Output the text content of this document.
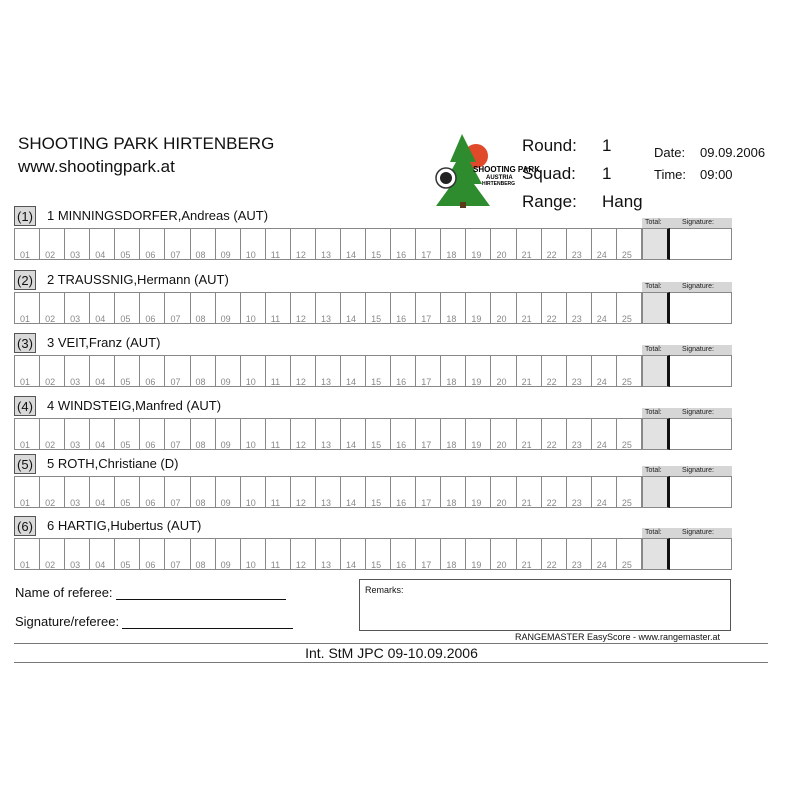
SHOOTING PARK HIRTENBERG
www.shootingpark.at	SHOOTING PARK
AUSTRIA
HIRTENBERG
Round: 1
Squad: 1
Range: Hang
Date: 09.09.2006
Time: 09:00
(1) 1 MINNINGSDORFER,Andreas (AUT)
01 02 03 04 05 06 07 08 09 10 11 12 13 14 15 16 17 18 19 20 21 22 23 24 25
Total:	Signature:
(2) 2 TRAUSSNIG,Hermann (AUT)
01 02 03 04 05 06 07 08 09 10 11 12 13 14 15 16 17 18 19 20 21 22 23 24 25
Total:	Signature:
(3) 3 VEIT,Franz (AUT)
01 02 03 04 05 06 07 08 09 10 11 12 13 14 15 16 17 18 19 20 21 22 23 24 25
Total:	Signature:
(4) 4 WINDSTEIG,Manfred (AUT)
01 02 03 04 05 06 07 08 09 10 11 12 13 14 15 16 17 18 19 20 21 22 23 24 25
Total:	Signature:
(5) 5 ROTH,Christiane (D)
01 02 03 04 05 06 07 08 09 10 11 12 13 14 15 16 17 18 19 20 21 22 23 24 25
Total:	Signature:
(6) 6 HARTIG,Hubertus (AUT)
01 02 03 04 05 06 07 08 09 10 11 12 13 14 15 16 17 18 19 20 21 22 23 24 25
Total:	Signature:
Name of referee:
Signature/referee:
Remarks:
RANGEMASTER EasyScore - www.rangemaster.at
Int. StM JPC 09-10.09.2006
